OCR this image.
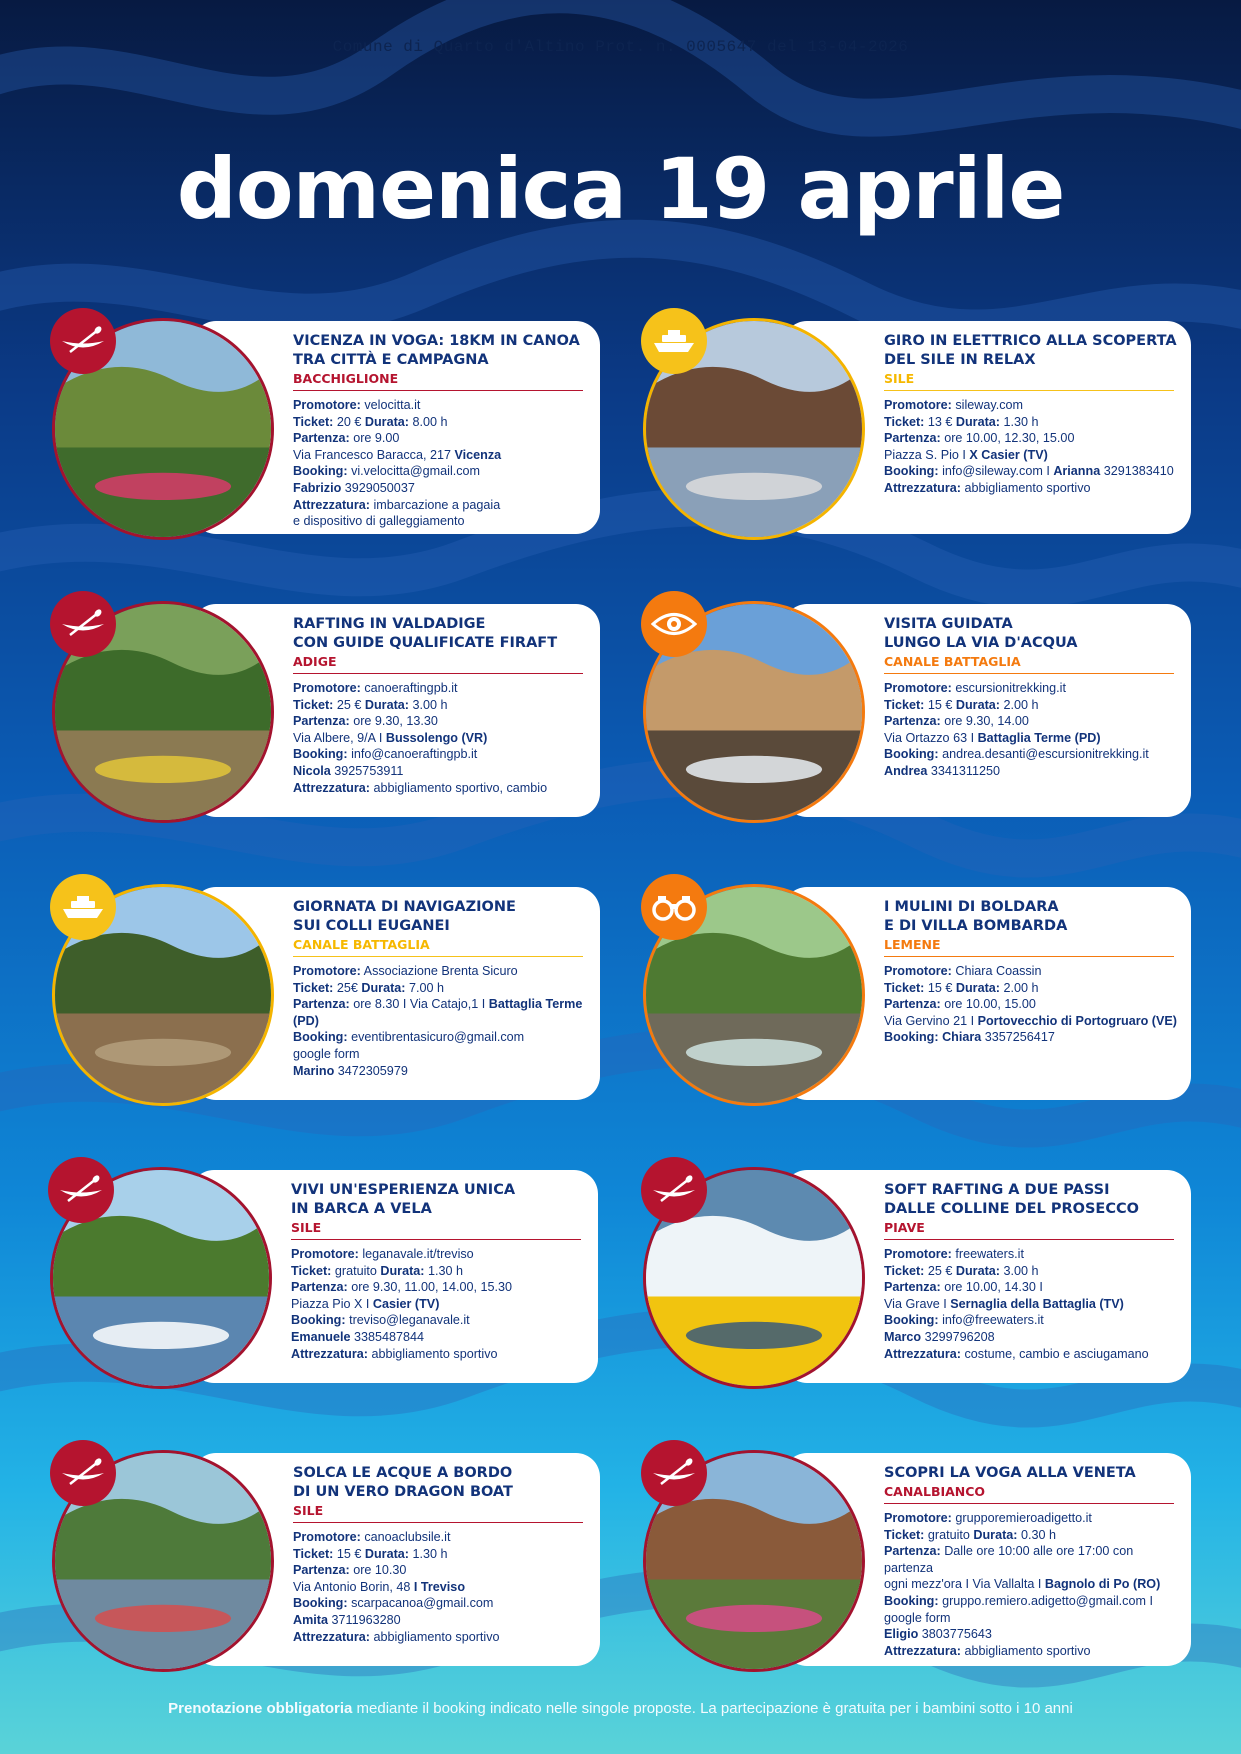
Comune di Quarto d'Altino Prot. n. 0005647 del 13-04-2026
domenica 19 aprile
VICENZA IN VOGA: 18KM IN CANOA
TRA CITTÀ E CAMPAGNA
BACCHIGLIONE
Promotore: velocitta.it
Ticket: 20 € Durata: 8.00 h
Partenza: ore 9.00
Via Francesco Baracca, 217 Vicenza
Booking: vi.velocitta@gmail.com
Fabrizio 3929050037
Attrezzatura: imbarcazione a pagaia
e dispositivo di galleggiamento
GIRO IN ELETTRICO ALLA SCOPERTA
DEL SILE IN RELAX
SILE
Promotore: sileway.com
Ticket: 13 € Durata: 1.30 h
Partenza: ore 10.00, 12.30, 15.00
Piazza S. Pio I X Casier (TV)
Booking: info@sileway.com I Arianna 3291383410
Attrezzatura: abbigliamento sportivo
RAFTING IN VALDADIGE
CON GUIDE QUALIFICATE FIRAFT
ADIGE
Promotore: canoeraftingpb.it
Ticket: 25 € Durata: 3.00 h
Partenza: ore 9.30, 13.30
Via Albere, 9/A I Bussolengo (VR)
Booking: info@canoeraftingpb.it
Nicola 3925753911
Attrezzatura: abbigliamento sportivo, cambio
VISITA GUIDATA
LUNGO LA VIA D'ACQUA
CANALE BATTAGLIA
Promotore: escursionitrekking.it
Ticket: 15 € Durata: 2.00 h
Partenza: ore 9.30, 14.00
Via Ortazzo 63 I Battaglia Terme (PD)
Booking: andrea.desanti@escursionitrekking.it
Andrea 3341311250
GIORNATA DI NAVIGAZIONE
SUI COLLI EUGANEI
CANALE BATTAGLIA
Promotore: Associazione Brenta Sicuro
Ticket: 25€ Durata: 7.00 h
Partenza: ore 8.30 I Via Catajo,1 I Battaglia Terme
(PD)
Booking: eventibrentasicuro@gmail.com
google form
Marino 3472305979
I MULINI DI BOLDARA
E DI VILLA BOMBARDA
LEMENE
Promotore: Chiara Coassin
Ticket: 15 € Durata: 2.00 h
Partenza: ore 10.00, 15.00
Via Gervino 21 I Portovecchio di Portogruaro (VE)
Booking: Chiara 3357256417
VIVI UN'ESPERIENZA UNICA
IN BARCA A VELA
SILE
Promotore: leganavale.it/treviso
Ticket: gratuito Durata: 1.30 h
Partenza: ore 9.30, 11.00, 14.00, 15.30
Piazza Pio X I Casier (TV)
Booking: treviso@leganavale.it
Emanuele 3385487844
Attrezzatura: abbigliamento sportivo
SOFT RAFTING A DUE PASSI
DALLE COLLINE DEL PROSECCO
PIAVE
Promotore: freewaters.it
Ticket: 25 € Durata: 3.00 h
Partenza: ore 10.00, 14.30 I
Via Grave I Sernaglia della Battaglia (TV)
Booking: info@freewaters.it
Marco 3299796208
Attrezzatura: costume, cambio e asciugamano
SOLCA LE ACQUE A BORDO
DI UN VERO DRAGON BOAT
SILE
Promotore: canoaclubsile.it
Ticket: 15 € Durata: 1.30 h
Partenza: ore 10.30
Via Antonio Borin, 48 I Treviso
Booking: scarpacanoa@gmail.com
Amita 3711963280
Attrezzatura: abbigliamento sportivo
SCOPRI LA VOGA ALLA VENETA
CANALBIANCO
Promotore: grupporemieroadigetto.it
Ticket: gratuito Durata: 0.30 h
Partenza: Dalle ore 10:00 alle ore 17:00 con partenza
ogni mezz'ora I Via Vallalta I Bagnolo di Po (RO)
Booking: gruppo.remiero.adigetto@gmail.com I
google form
Eligio 3803775643
Attrezzatura: abbigliamento sportivo
Prenotazione obbligatoria mediante il booking indicato nelle singole proposte. La partecipazione è gratuita per i bambini sotto i 10 anni
